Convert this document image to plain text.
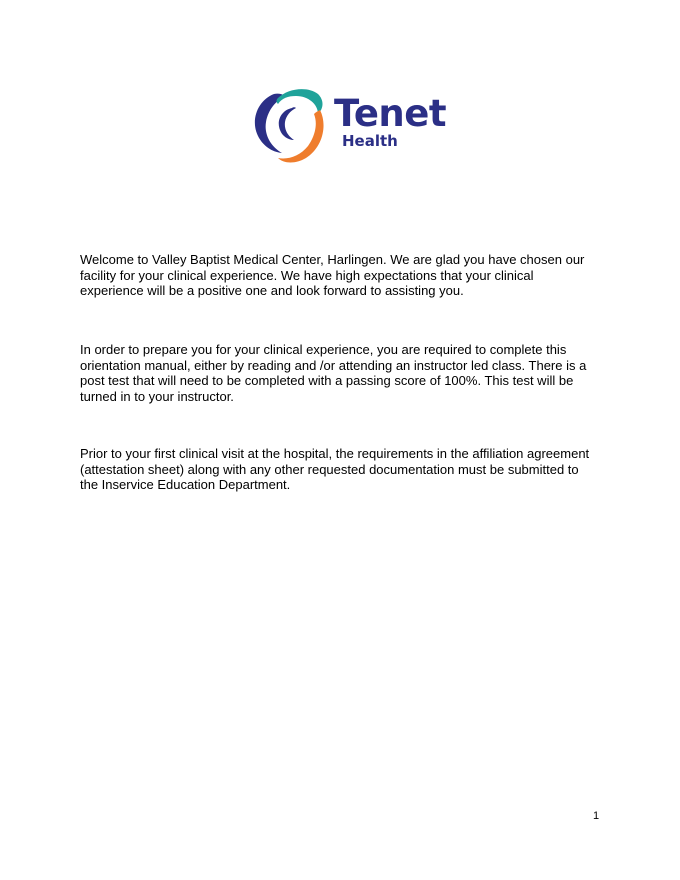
Tenet
Health

Welcome to Valley Baptist Medical Center, Harlingen. We are glad you have chosen our facility for your clinical experience. We have high expectations that your clinical experience will be a positive one and look forward to assisting you.

In order to prepare you for your clinical experience, you are required to complete this orientation manual, either by reading and /or attending an instructor led class. There is a post test that will need to be completed with a passing score of 100%. This test will be turned in to your instructor.

Prior to your first clinical visit at the hospital, the requirements in the affiliation agreement (attestation sheet) along with any other requested documentation must be submitted to the Inservice Education Department.

1
